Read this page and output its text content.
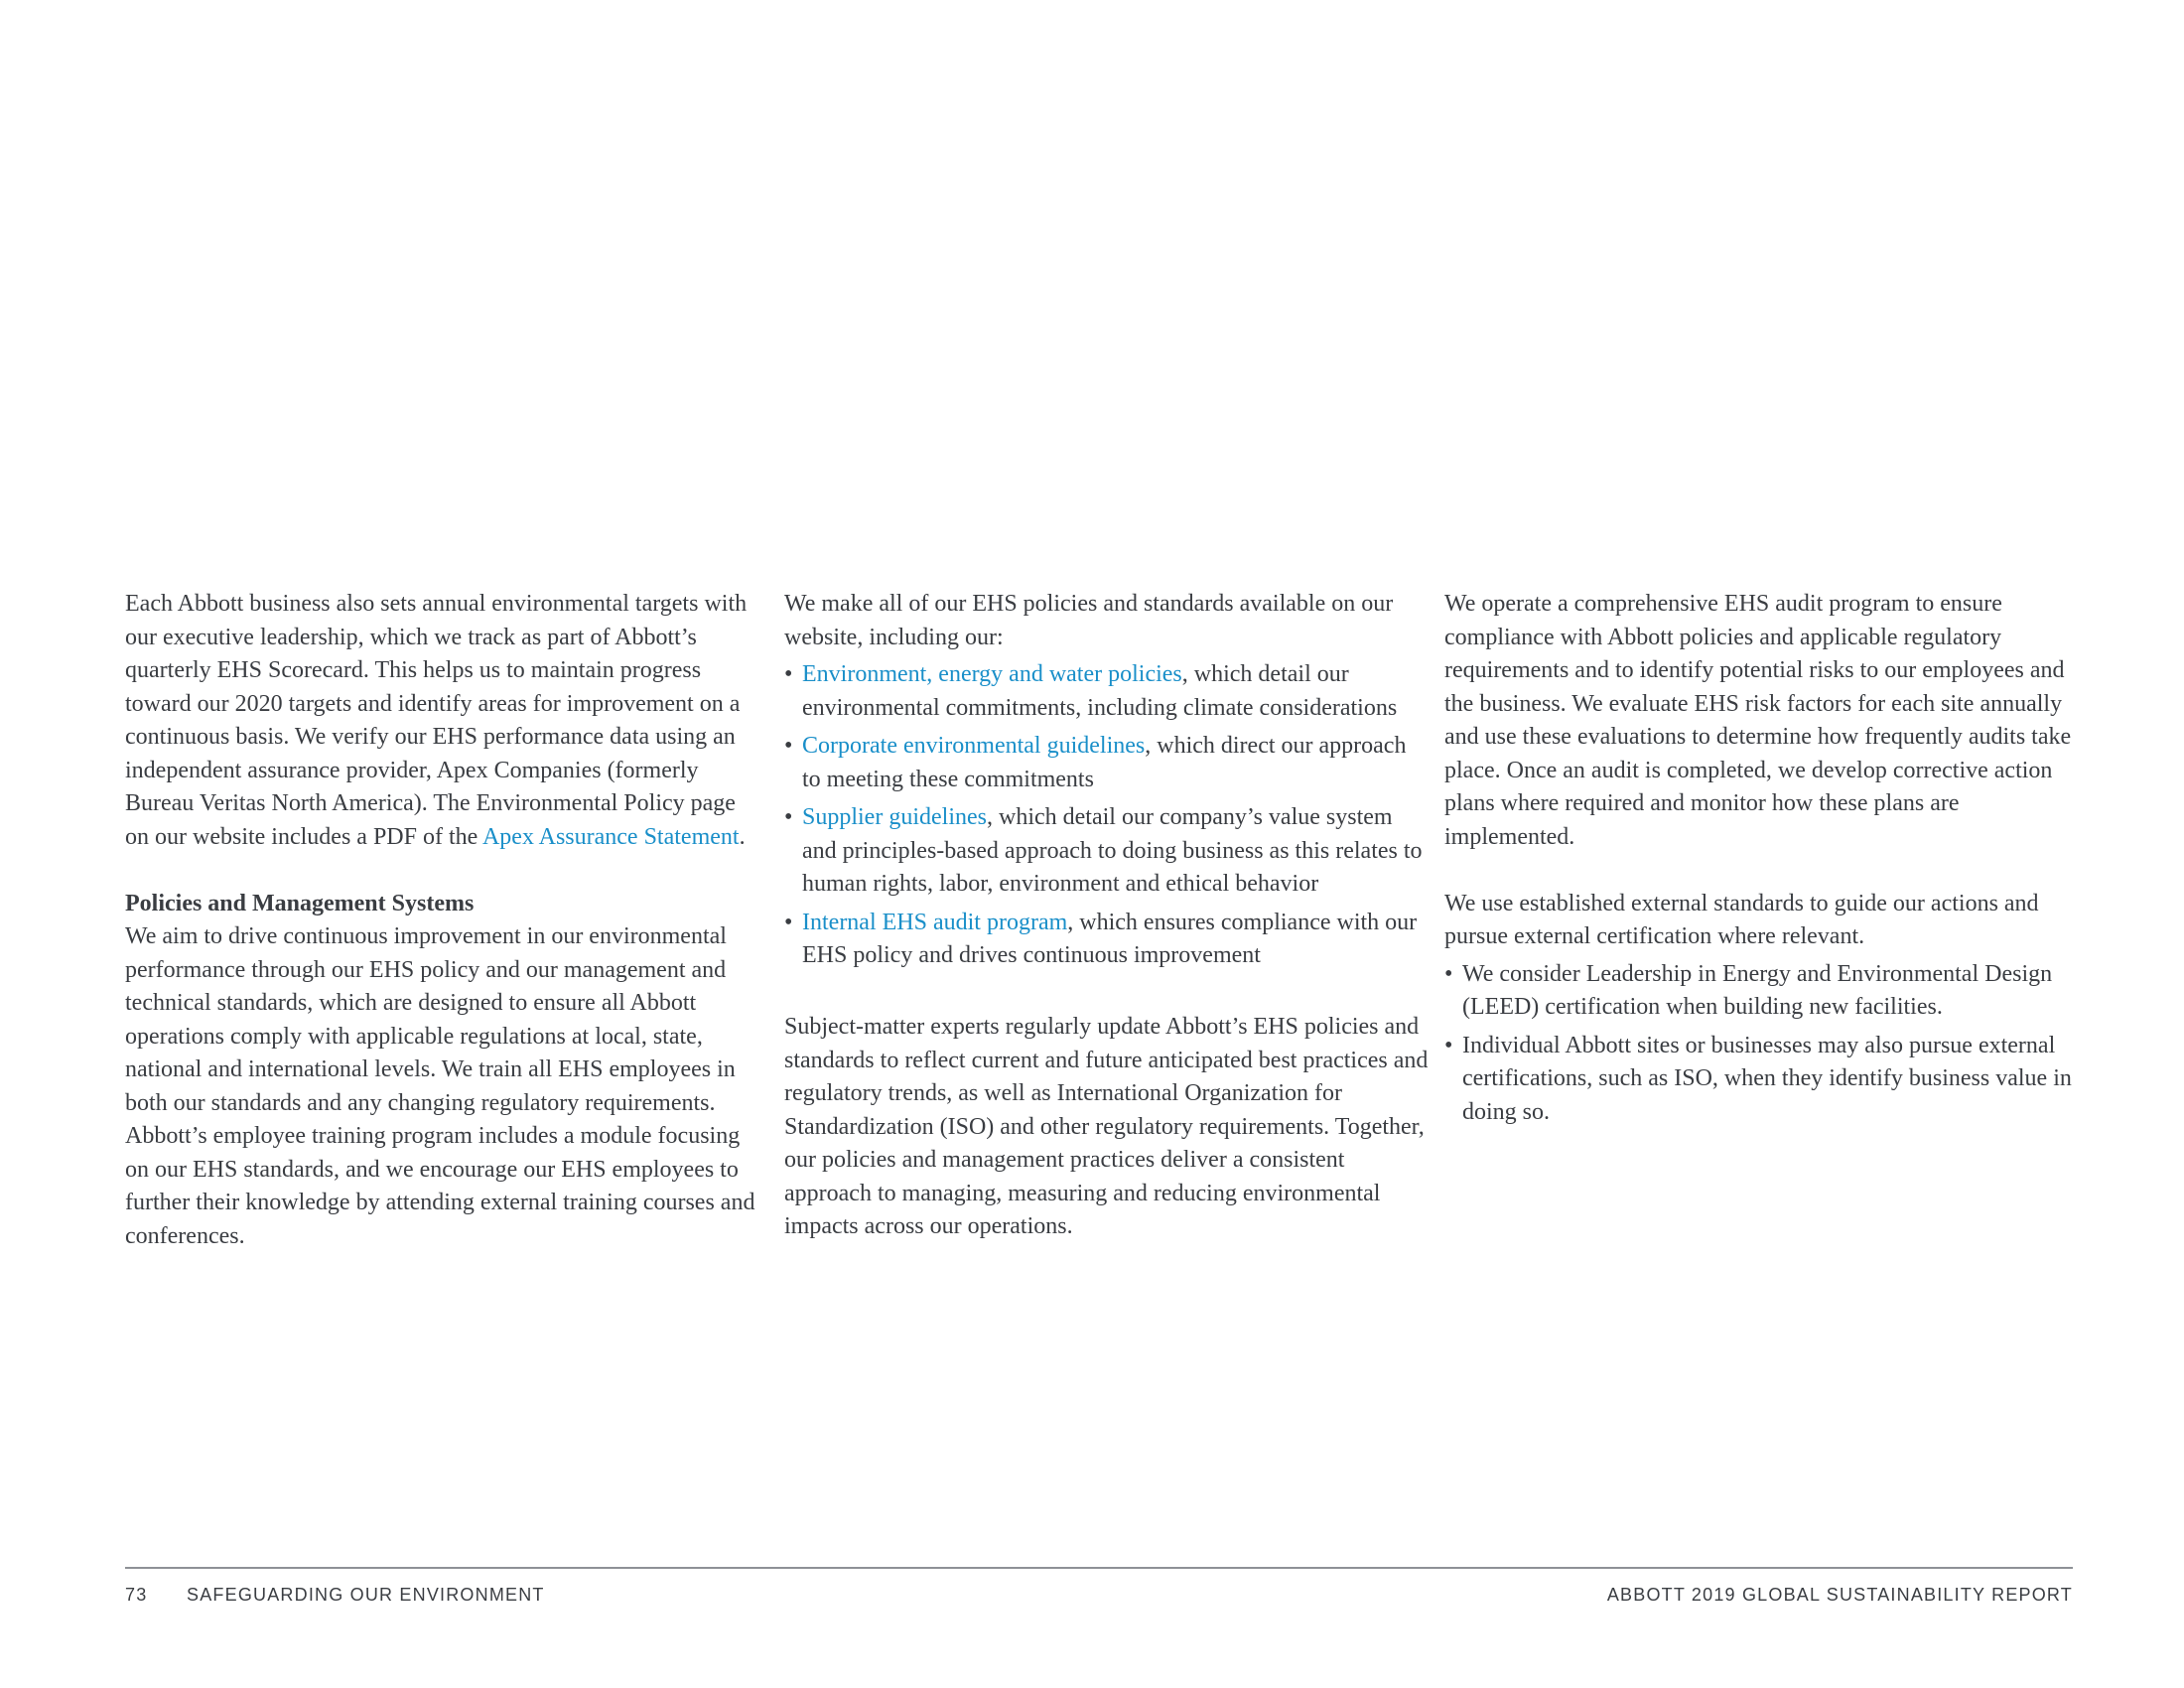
Each Abbott business also sets annual environmental targets with our executive leadership, which we track as part of Abbott’s quarterly EHS Scorecard. This helps us to maintain progress toward our 2020 targets and identify areas for improvement on a continuous basis. We verify our EHS performance data using an independent assurance provider, Apex Companies (formerly Bureau Veritas North America). The Environmental Policy page on our website includes a PDF of the Apex Assurance Statement.

Policies and Management Systems

We aim to drive continuous improvement in our environmental performance through our EHS policy and our management and technical standards, which are designed to ensure all Abbott operations comply with applicable regulations at local, state, national and international levels. We train all EHS employees in both our standards and any changing regulatory requirements. Abbott’s employee training program includes a module focusing on our EHS standards, and we encourage our EHS employees to further their knowledge by attending external training courses and conferences.

We make all of our EHS policies and standards available on our website, including our:

• Environment, energy and water policies, which detail our environmental commitments, including climate considerations
• Corporate environmental guidelines, which direct our approach to meeting these commitments
• Supplier guidelines, which detail our company’s value system and principles-based approach to doing business as this relates to human rights, labor, environment and ethical behavior
• Internal EHS audit program, which ensures compliance with our EHS policy and drives continuous improvement

Subject-matter experts regularly update Abbott’s EHS policies and standards to reflect current and future anticipated best practices and regulatory trends, as well as International Organization for Standardization (ISO) and other regulatory requirements. Together, our policies and management practices deliver a consistent approach to managing, measuring and reducing environmental impacts across our operations.

We operate a comprehensive EHS audit program to ensure compliance with Abbott policies and applicable regulatory requirements and to identify potential risks to our employees and the business. We evaluate EHS risk factors for each site annually and use these evaluations to determine how frequently audits take place. Once an audit is completed, we develop corrective action plans where required and monitor how these plans are implemented.

We use established external standards to guide our actions and pursue external certification where relevant.

• We consider Leadership in Energy and Environmental Design (LEED) certification when building new facilities.
• Individual Abbott sites or businesses may also pursue external certifications, such as ISO, when they identify business value in doing so.
73 SAFEGUARDING OUR ENVIRONMENT	ABBOTT 2019 GLOBAL SUSTAINABILITY REPORT
